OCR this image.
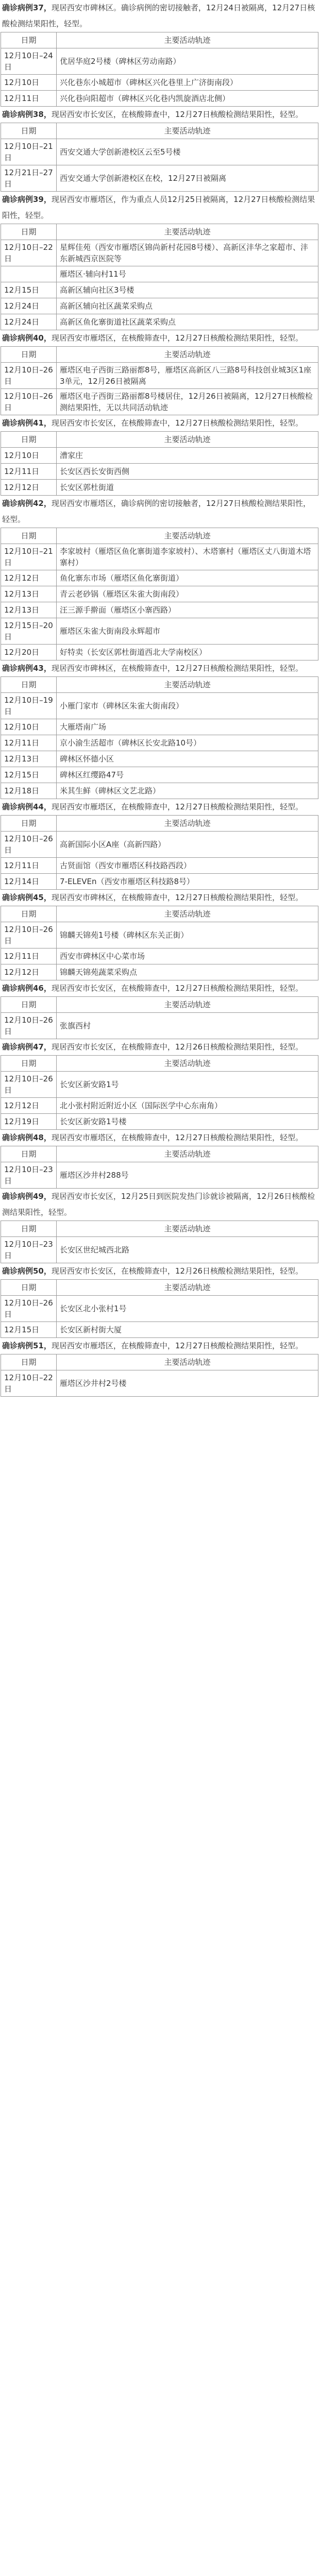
确诊病例37，现居西安市碑林区。确诊病例的密切接触者，12月24日被隔离，12月27日核酸检测结果阳性，轻型。

日期	主要活动轨迹
12月10日–24日	优居华庭2号楼（碑林区劳动南路）
12月10日	兴化巷东小城超市（碑林区兴化巷里上广济街南段）
12月11日	兴化巷向阳超市（碑林区兴化巷内凯旋酒店北侧）

确诊病例38，现居西安市长安区，在核酸筛查中，12月27日核酸检测结果阳性，轻型。

日期	主要活动轨迹
12月10日–21日	西安交通大学创新港校区云至5号楼
12月21日–27日	西安交通大学创新港校区在校，12月27日被隔离

确诊病例39，现居西安市雁塔区，作为重点人员12月25日被隔离，12月27日核酸检测结果阳性，轻型。

日期	主要活动轨迹
12月10日–22日	星辉佳苑（西安市雁塔区锦尚新村花园8号楼）、高新区沣华之家超市、沣东新城西京医院等
	雁塔区·辅向村11号
12月15日	高新区辅向社区3号楼
12月24日	高新区辅向社区蔬菜采购点
12月24日	高新区鱼化寨街道社区蔬菜采购点

确诊病例40，现居西安市雁塔区，在核酸筛查中，12月27日核酸检测结果阳性，轻型。

日期	主要活动轨迹
12月10日–26日	雁塔区电子西街三路丽都8号，雁塔区高新区八三路8号科技创业城3区1座3单元，12月26日被隔离
12月10日–26日	雁塔区电子西街三路丽都8号楼居住，12月26日被隔离，12月27日核酸检测结果阳性，无以共同活动轨迹

确诊病例41，现居西安市长安区，在核酸筛查中，12月27日核酸检测结果阳性，轻型。

日期	主要活动轨迹
12月10日	漕家庄
12月11日	长安区西长安街西侧
12月12日	长安区郭杜街道

确诊病例42，现居西安市雁塔区，确诊病例的密切接触者，12月27日核酸检测结果阳性，轻型。

日期	主要活动轨迹
12月10日–21日	李家坡村（雁塔区鱼化寨街道李家坡村）、木塔寨村（雁塔区丈八街道木塔寨村）
12月12日	鱼化寨东市场（雁塔区鱼化寨街道）
12月13日	青云老砂锅（雁塔区朱雀大街南段）
12月13日	汪三源手擀面（雁塔区小寨西路）
12月15日–20日	雁塔区朱雀大街南段永辉超市
12月20日	好特卖（长安区郭杜街道西北大学南校区）

确诊病例43，现居西安市碑林区，在核酸筛查中，12月27日核酸检测结果阳性，轻型。

日期	主要活动轨迹
12月10日–19日	小雁门家市（碑林区朱雀大街南段）
12月10日	大雁塔南广场
12月11日	京小渝生活超市（碑林区长安北路10号）
12月13日	碑林区怀德小区
12月15日	碑林区红缨路47号
12月18日	米其生鲜（碑林区文艺北路）

确诊病例44，现居西安市雁塔区，在核酸筛查中，12月27日核酸检测结果阳性，轻型。

日期	主要活动轨迹
12月10日–26日	高新国际小区A座（高新四路）
12月11日	古贤面馆（西安市雁塔区科技路西段）
12月14日	7-ELEVEn（西安市雁塔区科技路8号）

确诊病例45，现居西安市碑林区，在核酸筛查中，12月27日核酸检测结果阳性，轻型。

日期	主要活动轨迹
12月10日–26日	锦麟天锦苑1号楼（碑林区东关正街）
12月11日	西安市碑林区中心菜市场
12月12日	锦麟天锦苑蔬菜采购点

确诊病例46，现居西安市长安区，在核酸筛查中，12月27日核酸检测结果阳性，轻型。

日期	主要活动轨迹
12月10日–26日	张旗西村

确诊病例47，现居西安市长安区，在核酸筛查中，12月26日核酸检测结果阳性，轻型。

日期	主要活动轨迹
12月10日–26日	长安区新安路1号
12月12日	北小张村附近附近小区（国际医学中心东南角）
12月19日	长安区新安路1号楼

确诊病例48，现居西安市雁塔区，在核酸筛查中，12月27日核酸检测结果阳性，轻型。

日期	主要活动轨迹
12月10日–23日	雁塔区沙井村288号

确诊病例49，现居西安市长安区，12月25日到医院发热门诊就诊被隔离，12月26日核酸检测结果阳性，轻型。

日期	主要活动轨迹
12月10日–23日	长安区世纪城西北路

确诊病例50，现居西安市长安区，在核酸筛查中，12月26日核酸检测结果阳性，轻型。

日期	主要活动轨迹
12月10日–26日	长安区北小张村1号
12月15日	长安区新村街大厦

确诊病例51，现居西安市雁塔区，在核酸筛查中，12月27日核酸检测结果阳性，轻型。

日期	主要活动轨迹
12月10日–22日	雁塔区沙井村2号楼
